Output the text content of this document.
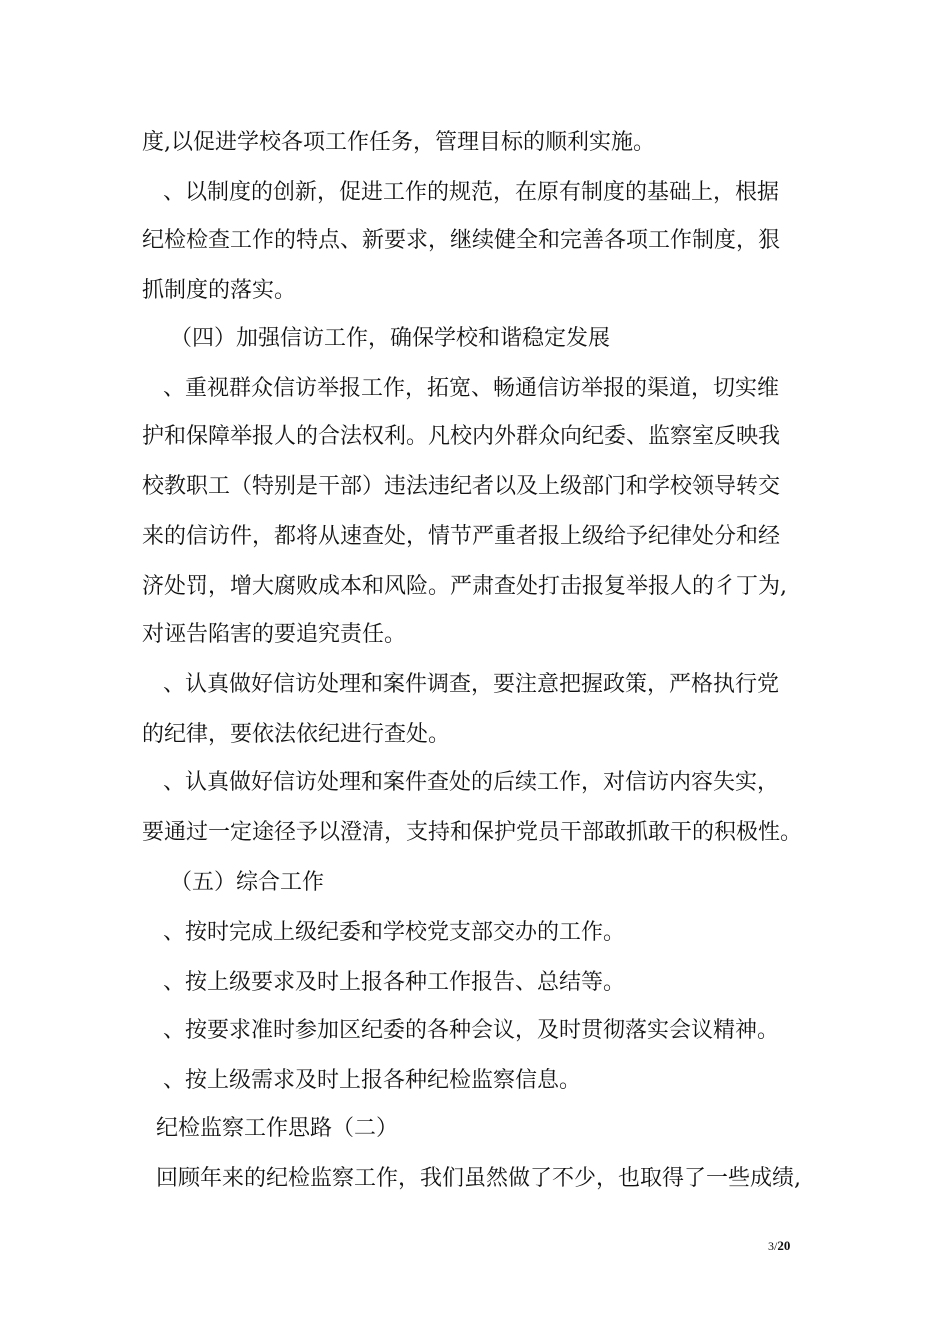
度,以促进学校各项工作任务，管理目标的顺利实施。
、以制度的创新，促进工作的规范，在原有制度的基础上，根据
纪检检查工作的特点、新要求，继续健全和完善各项工作制度，狠
抓制度的落实。
（四）加强信访工作，确保学校和谐稳定发展
、重视群众信访举报工作，拓宽、畅通信访举报的渠道，切实维
护和保障举报人的合法权利。凡校内外群众向纪委、监察室反映我
校教职工（特别是干部）违法违纪者以及上级部门和学校领导转交
来的信访件，都将从速查处，情节严重者报上级给予纪律处分和经
济处罚，增大腐败成本和风险。严肃查处打击报复举报人的彳丁为,
对诬告陷害的要追究责任。
、认真做好信访处理和案件调查，要注意把握政策，严格执行党
的纪律，要依法依纪进行查处。
、认真做好信访处理和案件查处的后续工作，对信访内容失实，
要通过一定途径予以澄清，支持和保护党员干部敢抓敢干的积极性。
（五）综合工作
、按时完成上级纪委和学校党支部交办的工作。
、按上级要求及时上报各种工作报告、总结等。
、按要求准时参加区纪委的各种会议，及时贯彻落实会议精神。
、按上级需求及时上报各种纪检监察信息。
纪检监察工作思路（二）
回顾年来的纪检监察工作，我们虽然做了不少，也取得了一些成绩,
3/20
